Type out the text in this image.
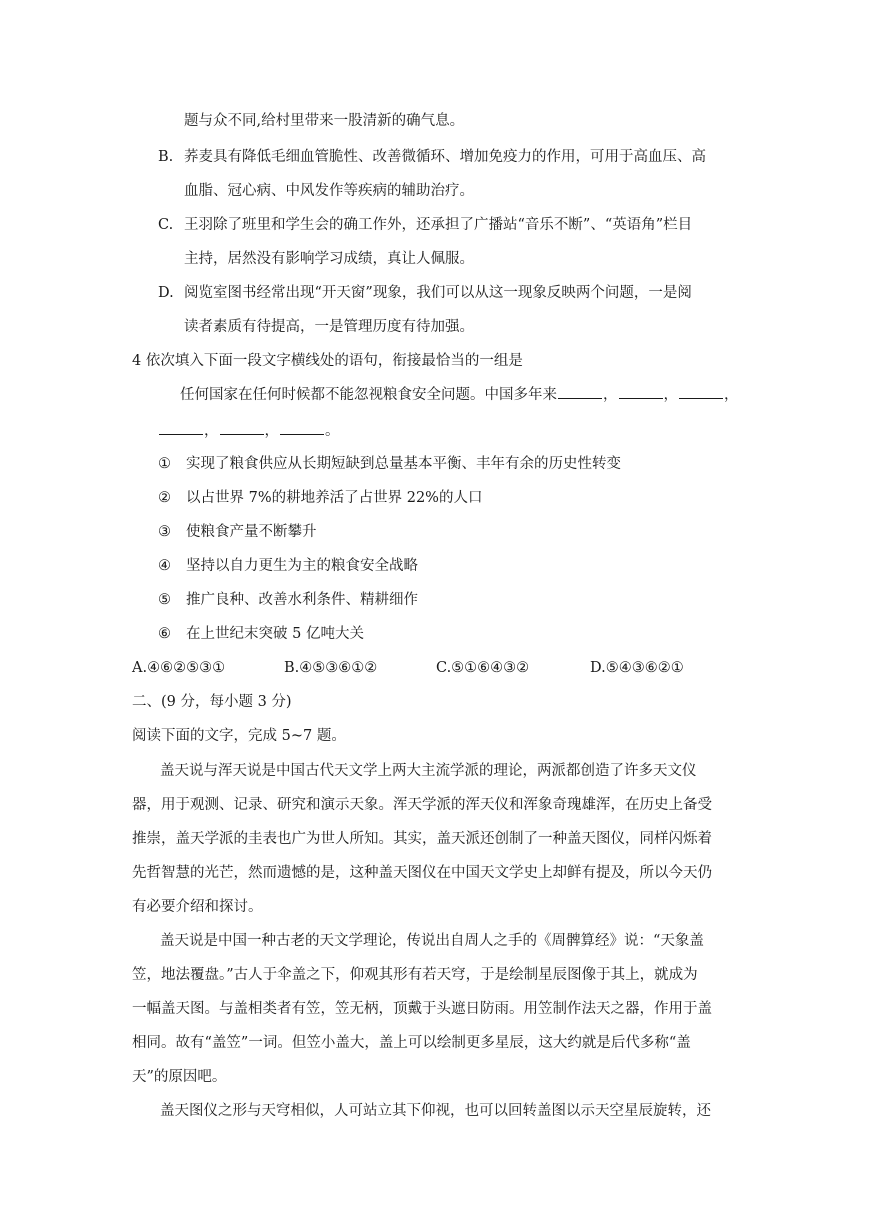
题与众不同,给村里带来一股清新的确气息。
B. 荞麦具有降低毛细血管脆性、改善微循环、增加免疫力的作用，可用于高血压、高
血脂、冠心病、中风发作等疾病的辅助治疗。
C. 王羽除了班里和学生会的确工作外，还承担了广播站“音乐不断”、“英语角”栏目
主持，居然没有影响学习成绩，真让人佩服。
D. 阅览室图书经常出现“开天窗”现象，我们可以从这一现象反映两个问题，一是阅
读者素质有待提高，一是管理历度有待加强。
4 依次填入下面一段文字横线处的语句，衔接最恰当的一组是
任何国家在任何时候都不能忽视粮食安全问题。中国多年来	，	，	，
，	，	。
① 实现了粮食供应从长期短缺到总量基本平衡、丰年有余的历史性转变
② 以占世界 7%的耕地养活了占世界 22%的人口
③ 使粮食产量不断攀升
④ 坚持以自力更生为主的粮食安全战略
⑤ 推广良种、改善水利条件、精耕细作
⑥ 在上世纪末突破 5 亿吨大关
A.④⑥②⑤③①	B.④⑤③⑥①②	C.⑤①⑥④③②	D.⑤④③⑥②①
二、(9 分，每小题 3 分)
阅读下面的文字，完成 5~7 题。
盖天说与浑天说是中国古代天文学上两大主流学派的理论，两派都创造了许多天文仪
器，用于观测、记录、研究和演示天象。浑天学派的浑天仪和浑象奇瑰雄浑，在历史上备受
推崇，盖天学派的圭表也广为世人所知。其实，盖天派还创制了一种盖天图仪，同样闪烁着
先哲智慧的光芒，然而遗憾的是，这种盖天图仪在中国天文学史上却鲜有提及，所以今天仍
有必要介绍和探讨。
盖天说是中国一种古老的天文学理论，传说出自周人之手的《周髀算经》说：“天象盖
笠，地法覆盘。”古人于伞盖之下，仰观其形有若天穹，于是绘制星辰图像于其上，就成为
一幅盖天图。与盖相类者有笠，笠无柄，顶戴于头遮日防雨。用笠制作法天之器，作用于盖
相同。故有“盖笠”一词。但笠小盖大，盖上可以绘制更多星辰，这大约就是后代多称“盖
天”的原因吧。
盖天图仪之形与天穹相似，人可站立其下仰视，也可以回转盖图以示天空星辰旋转，还
